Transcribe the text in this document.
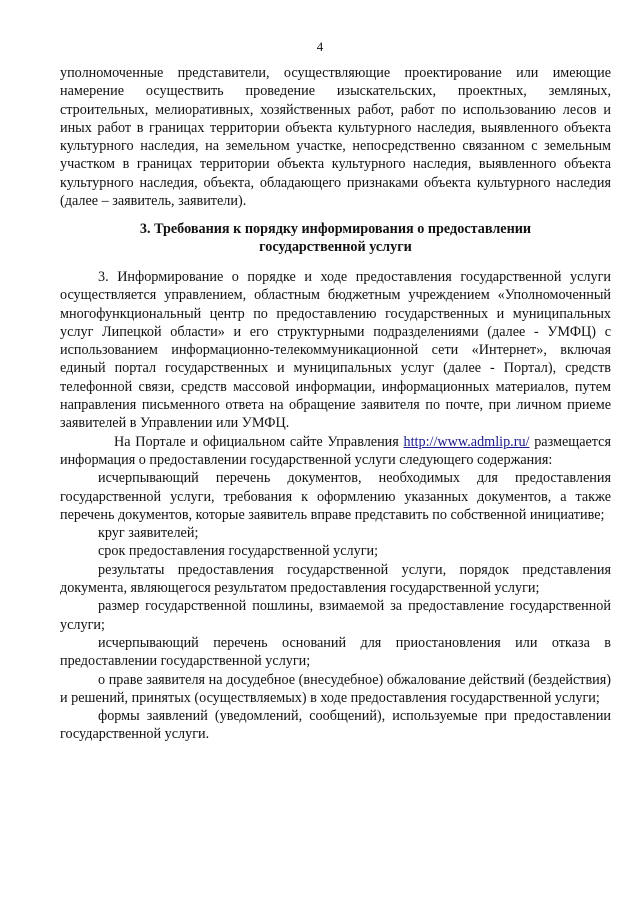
4

уполномоченные представители, осуществляющие проектирование или имеющие намерение осуществить проведение изыскательских, проектных, земляных, строительных, мелиоративных, хозяйственных работ, работ по использованию лесов и иных работ в границах территории объекта культурного наследия, выявленного объекта культурного наследия, на земельном участке, непосредственно связанном с земельным участком в границах территории объекта культурного наследия, выявленного объекта культурного наследия, объекта, обладающего признаками объекта культурного наследия (далее – заявитель, заявители).

3. Требования к порядку информирования о предоставлении
государственной услуги

3. Информирование о порядке и ходе предоставления государственной услуги осуществляется управлением, областным бюджетным учреждением «Уполномоченный многофункциональный центр по предоставлению государственных и муниципальных услуг Липецкой области» и его структурными подразделениями (далее - УМФЦ) с использованием информационно-телекоммуникационной сети «Интернет», включая единый портал государственных и муниципальных услуг (далее - Портал), средств телефонной связи, средств массовой информации, информационных материалов, путем направления письменного ответа на обращение заявителя по почте, при личном приеме заявителей в Управлении или УМФЦ.

На Портале и официальном сайте Управления http://www.admlip.ru/ размещается информация о предоставлении государственной услуги следующего содержания:

исчерпывающий перечень документов, необходимых для предоставления государственной услуги, требования к оформлению указанных документов, а также перечень документов, которые заявитель вправе представить по собственной инициативе;

круг заявителей;

срок предоставления государственной услуги;

результаты предоставления государственной услуги, порядок представления документа, являющегося результатом предоставления государственной услуги;

размер государственной пошлины, взимаемой за предоставление государственной услуги;

исчерпывающий перечень оснований для приостановления или отказа в предоставлении государственной услуги;

о праве заявителя на досудебное (внесудебное) обжалование действий (бездействия) и решений, принятых (осуществляемых) в ходе предоставления государственной услуги;

формы заявлений (уведомлений, сообщений), используемые при предоставлении государственной услуги.
